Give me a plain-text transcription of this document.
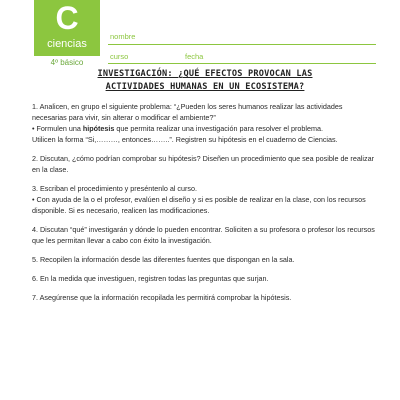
C
ciencias
4º básico
nombre
curso	fecha
INVESTIGACIÓN: ¿QUÉ EFECTOS PROVOCAN LAS
ACTIVIDADES HUMANAS EN UN ECOSISTEMA?

1. Analicen, en grupo el siguiente problema: “¿Pueden los seres humanos realizar las actividades necesarias para vivir, sin alterar o modificar el ambiente?”
• Formulen una hipótesis que permita realizar una investigación para resolver el problema.
Utilicen la forma “Si,………, entonces……..”. Registren su hipótesis en el cuaderno de Ciencias.

2. Discutan, ¿cómo podrían comprobar su hipótesis? Diseñen un procedimiento que sea posible de realizar en la clase.

3. Escriban el procedimiento y preséntenlo al curso.
• Con ayuda de la o el profesor, evalúen el diseño y si es posible de realizar en la clase, con los recursos disponible. Si es necesario, realicen las modificaciones.

4. Discutan “qué” investigarán y dónde lo pueden encontrar. Soliciten a su profesora o profesor los recursos que les permitan llevar a cabo con éxito la investigación.

5. Recopilen la información desde las diferentes fuentes que dispongan en la sala.

6. En la medida que investiguen, registren todas las preguntas que surjan.

7. Asegúrense que la información recopilada les permitirá comprobar la hipótesis.
